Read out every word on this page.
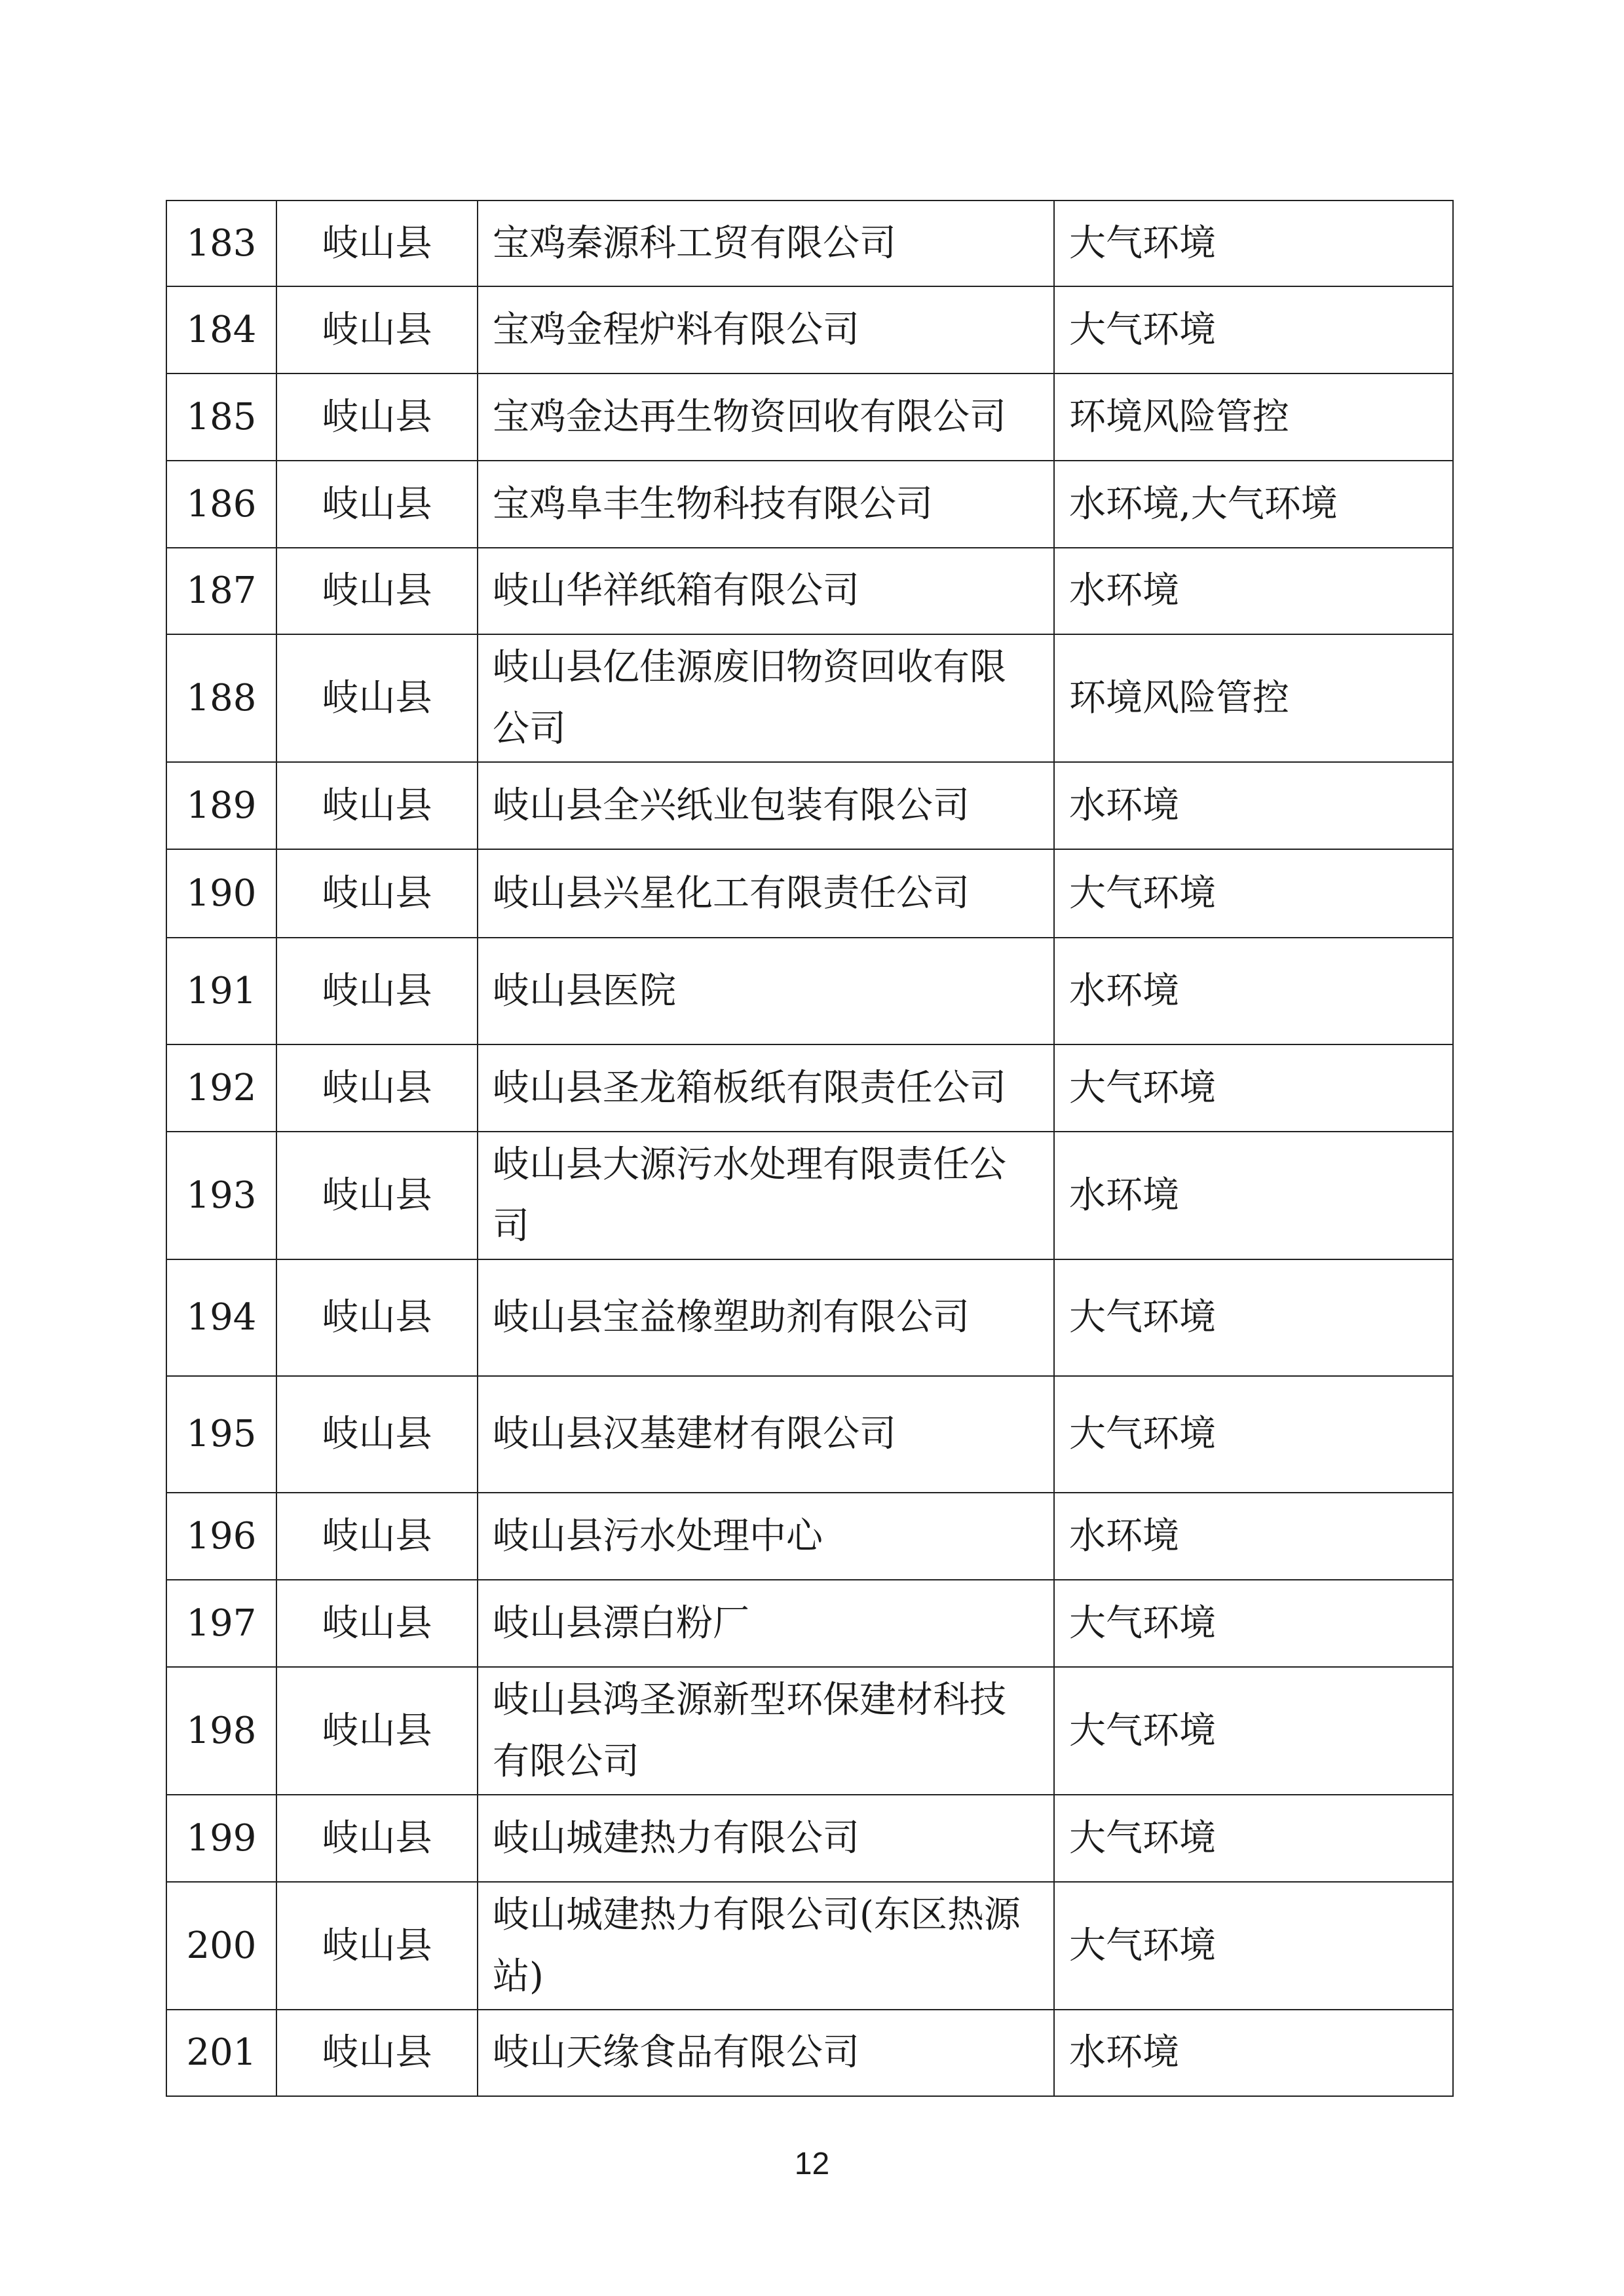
183	岐山县	宝鸡秦源科工贸有限公司	大气环境
184	岐山县	宝鸡金程炉料有限公司	大气环境
185	岐山县	宝鸡金达再生物资回收有限公司	环境风险管控
186	岐山县	宝鸡阜丰生物科技有限公司	水环境,大气环境
187	岐山县	岐山华祥纸箱有限公司	水环境
188	岐山县	岐山县亿佳源废旧物资回收有限公司	环境风险管控
189	岐山县	岐山县全兴纸业包装有限公司	水环境
190	岐山县	岐山县兴星化工有限责任公司	大气环境
191	岐山县	岐山县医院	水环境
192	岐山县	岐山县圣龙箱板纸有限责任公司	大气环境
193	岐山县	岐山县大源污水处理有限责任公司	水环境
194	岐山县	岐山县宝益橡塑助剂有限公司	大气环境
195	岐山县	岐山县汉基建材有限公司	大气环境
196	岐山县	岐山县污水处理中心	水环境
197	岐山县	岐山县漂白粉厂	大气环境
198	岐山县	岐山县鸿圣源新型环保建材科技有限公司	大气环境
199	岐山县	岐山城建热力有限公司	大气环境
200	岐山县	岐山城建热力有限公司(东区热源站)	大气环境
201	岐山县	岐山天缘食品有限公司	水环境
12
